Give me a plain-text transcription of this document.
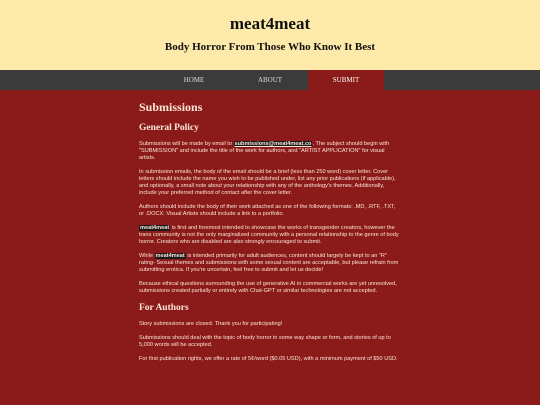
meat4meat
Body Horror From Those Who Know It Best
HOME	ABOUT	SUBMIT
Submissions
General Policy

Submissions will be made by email to submissions@meat4meat.co. The subject should begin with "SUBMISSION" and include the title of the work for authors, and "ARTIST APPLICATION" for visual artists.

In submission emails, the body of the email should be a brief (less than 250 word) cover letter. Cover letters should include the name you wish to be published under, list any prior publications (if applicable), and optionally, a small note about your relationship with any of the anthology's themes. Additionally, include your preferred method of contact after the cover letter.

Authors should include the body of their work attached as one of the following formats: .MD, .RTF, .TXT, or .DOCX. Visual Artists should include a link to a portfolio.

meat4meat is first and foremost intended to showcase the works of transgender creators, however the trans community is not the only marginalized community with a personal relationship to the genre of body horror. Creators who are disabled are also strongly encouraged to submit.

While meat4meat is intended primarily for adult audiences, content should largely be kept to an "R" rating- Sexual themes and submissions with some sexual content are acceptable, but please refrain from submitting erotica. If you're uncertain, feel free to submit and let us decide!

Because ethical questions surrounding the use of generative AI in commercial works are yet unresolved, submissions created partially or entirely with Chat-GPT or similar technologies are not accepted.

For Authors

Story submissions are closed. Thank you for participating!

Submissions should deal with the topic of body horror in some way shape or form, and stories of up to 5,000 words will be accepted.

For first publication rights, we offer a rate of 5¢/word ($0.05 USD), with a minimum payment of $50 USD.
